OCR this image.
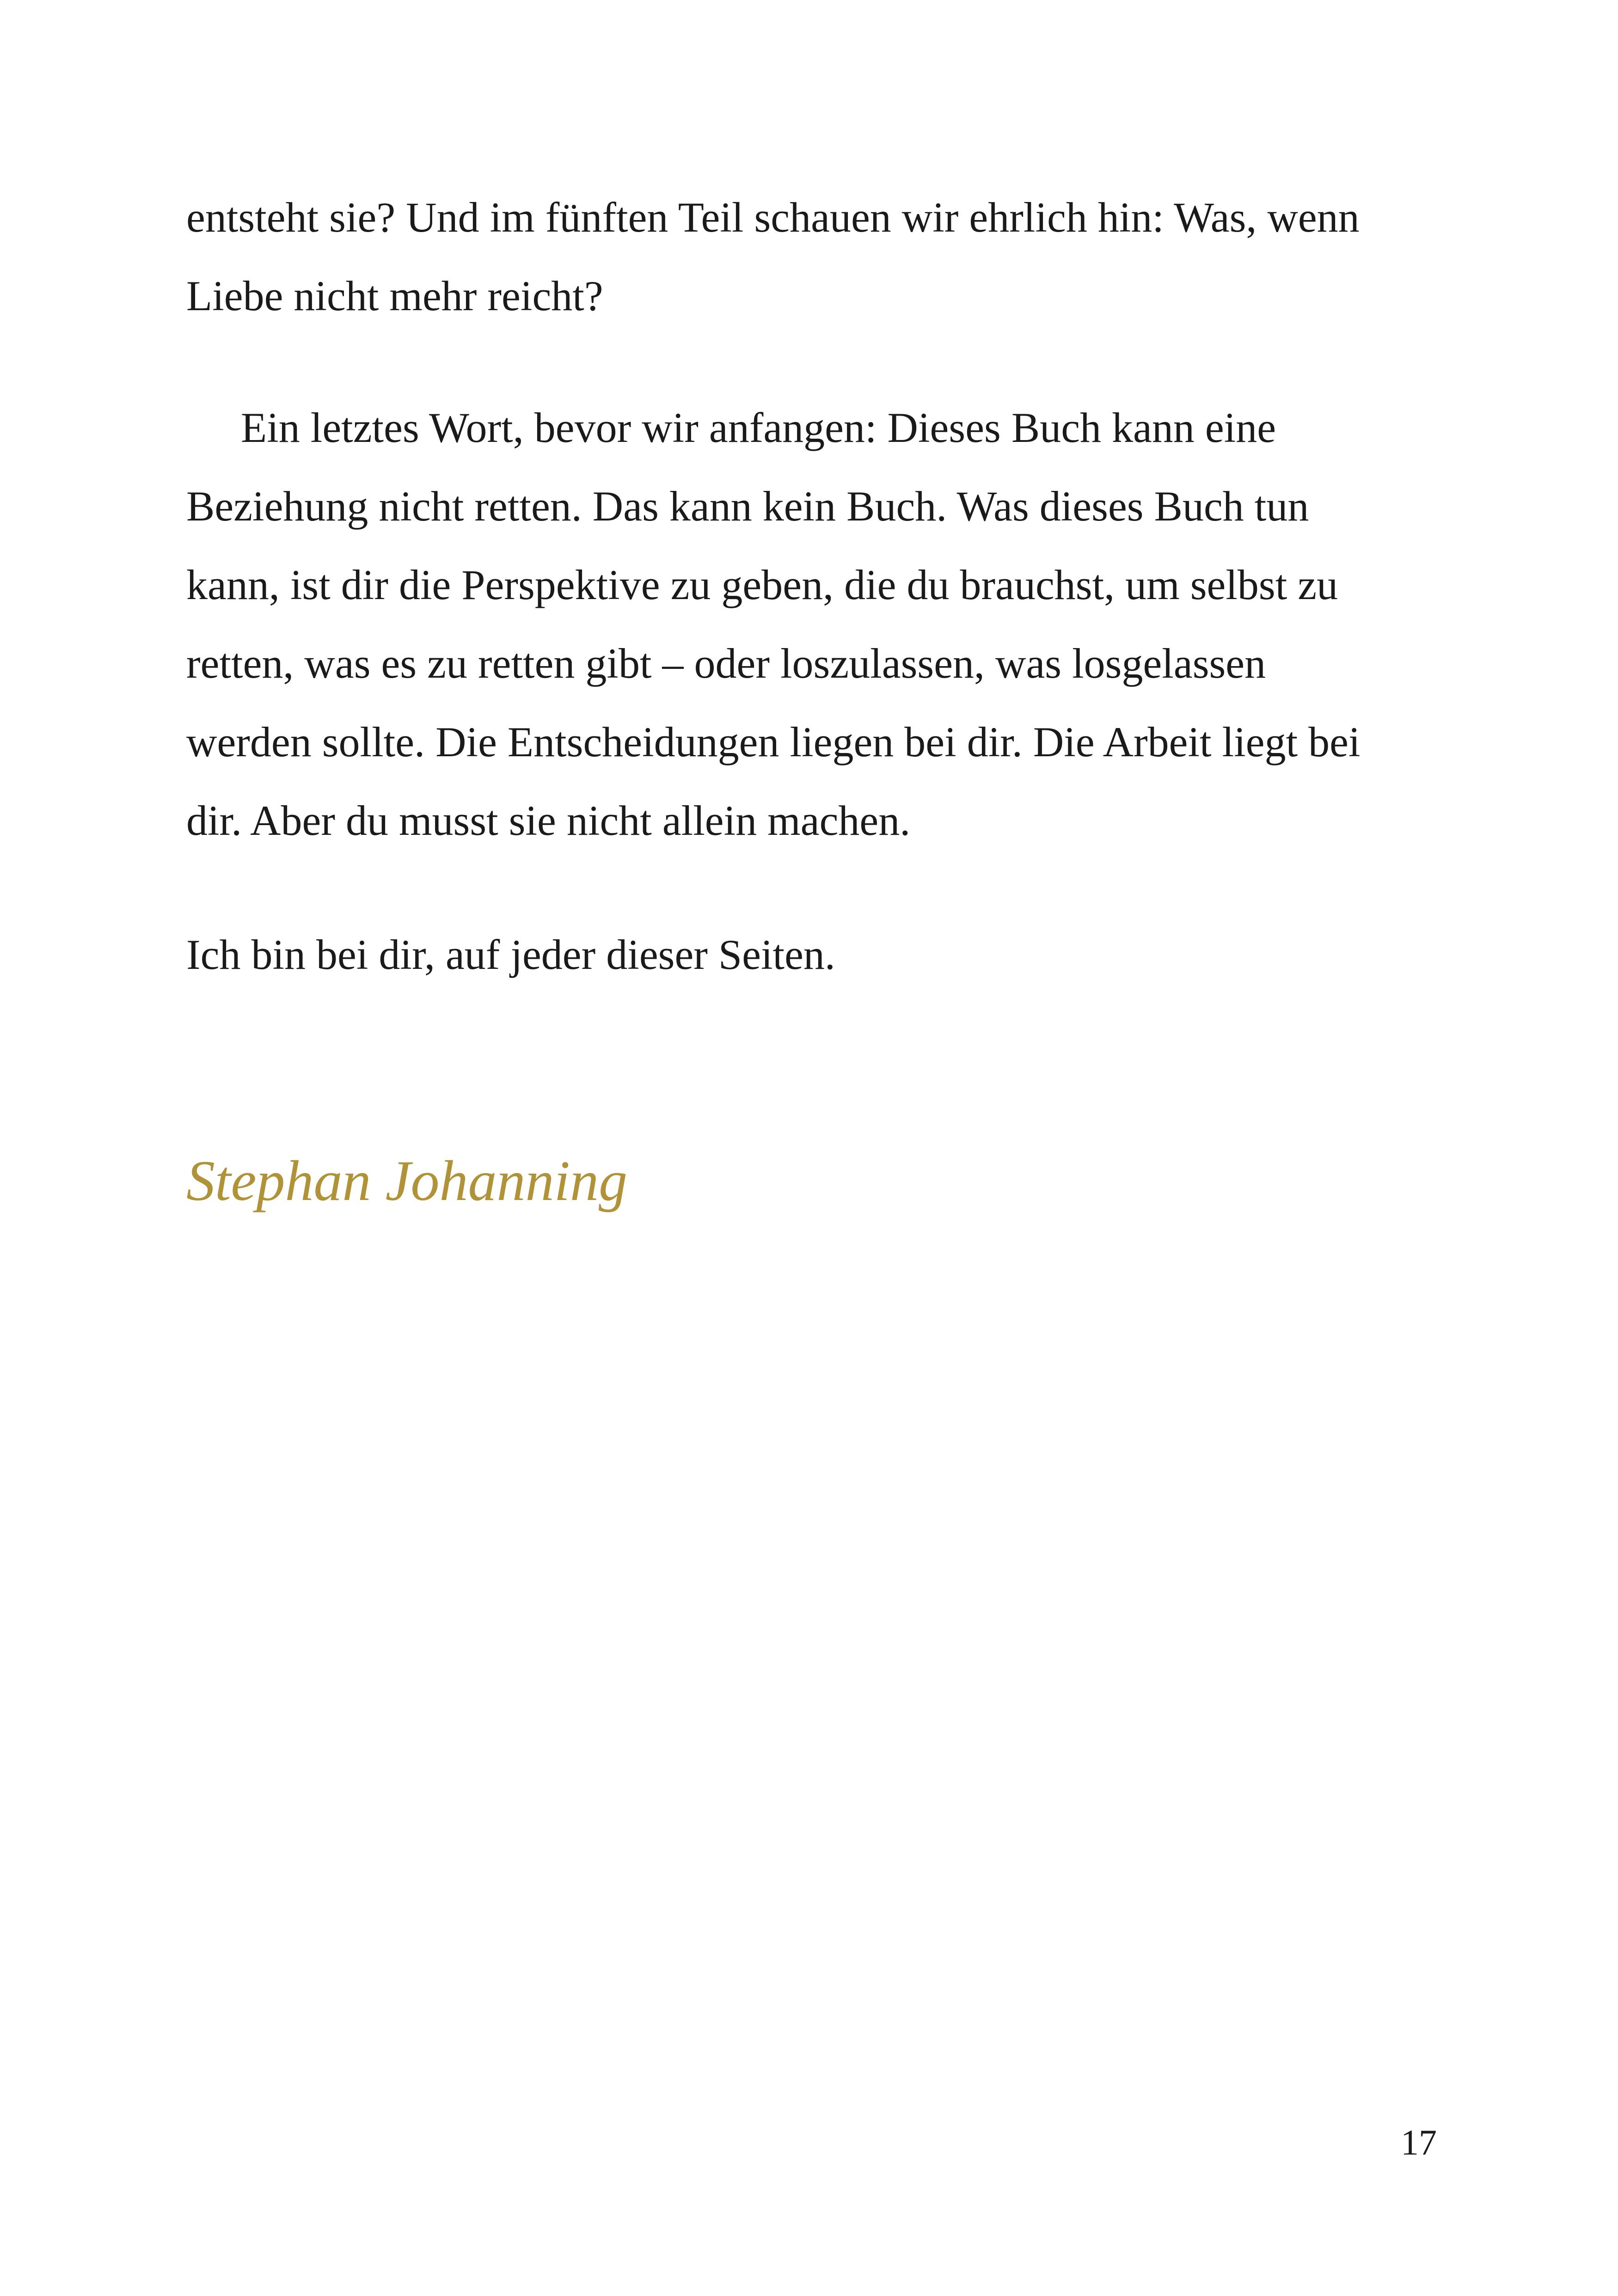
entsteht sie? Und im fünften Teil schauen wir ehrlich hin: Was, wenn
Liebe nicht mehr reicht?
Ein letztes Wort, bevor wir anfangen: Dieses Buch kann eine
Beziehung nicht retten. Das kann kein Buch. Was dieses Buch tun
kann, ist dir die Perspektive zu geben, die du brauchst, um selbst zu
retten, was es zu retten gibt – oder loszulassen, was losgelassen
werden sollte. Die Entscheidungen liegen bei dir. Die Arbeit liegt bei
dir. Aber du musst sie nicht allein machen.
Ich bin bei dir, auf jeder dieser Seiten.
Stephan Johanning
17
